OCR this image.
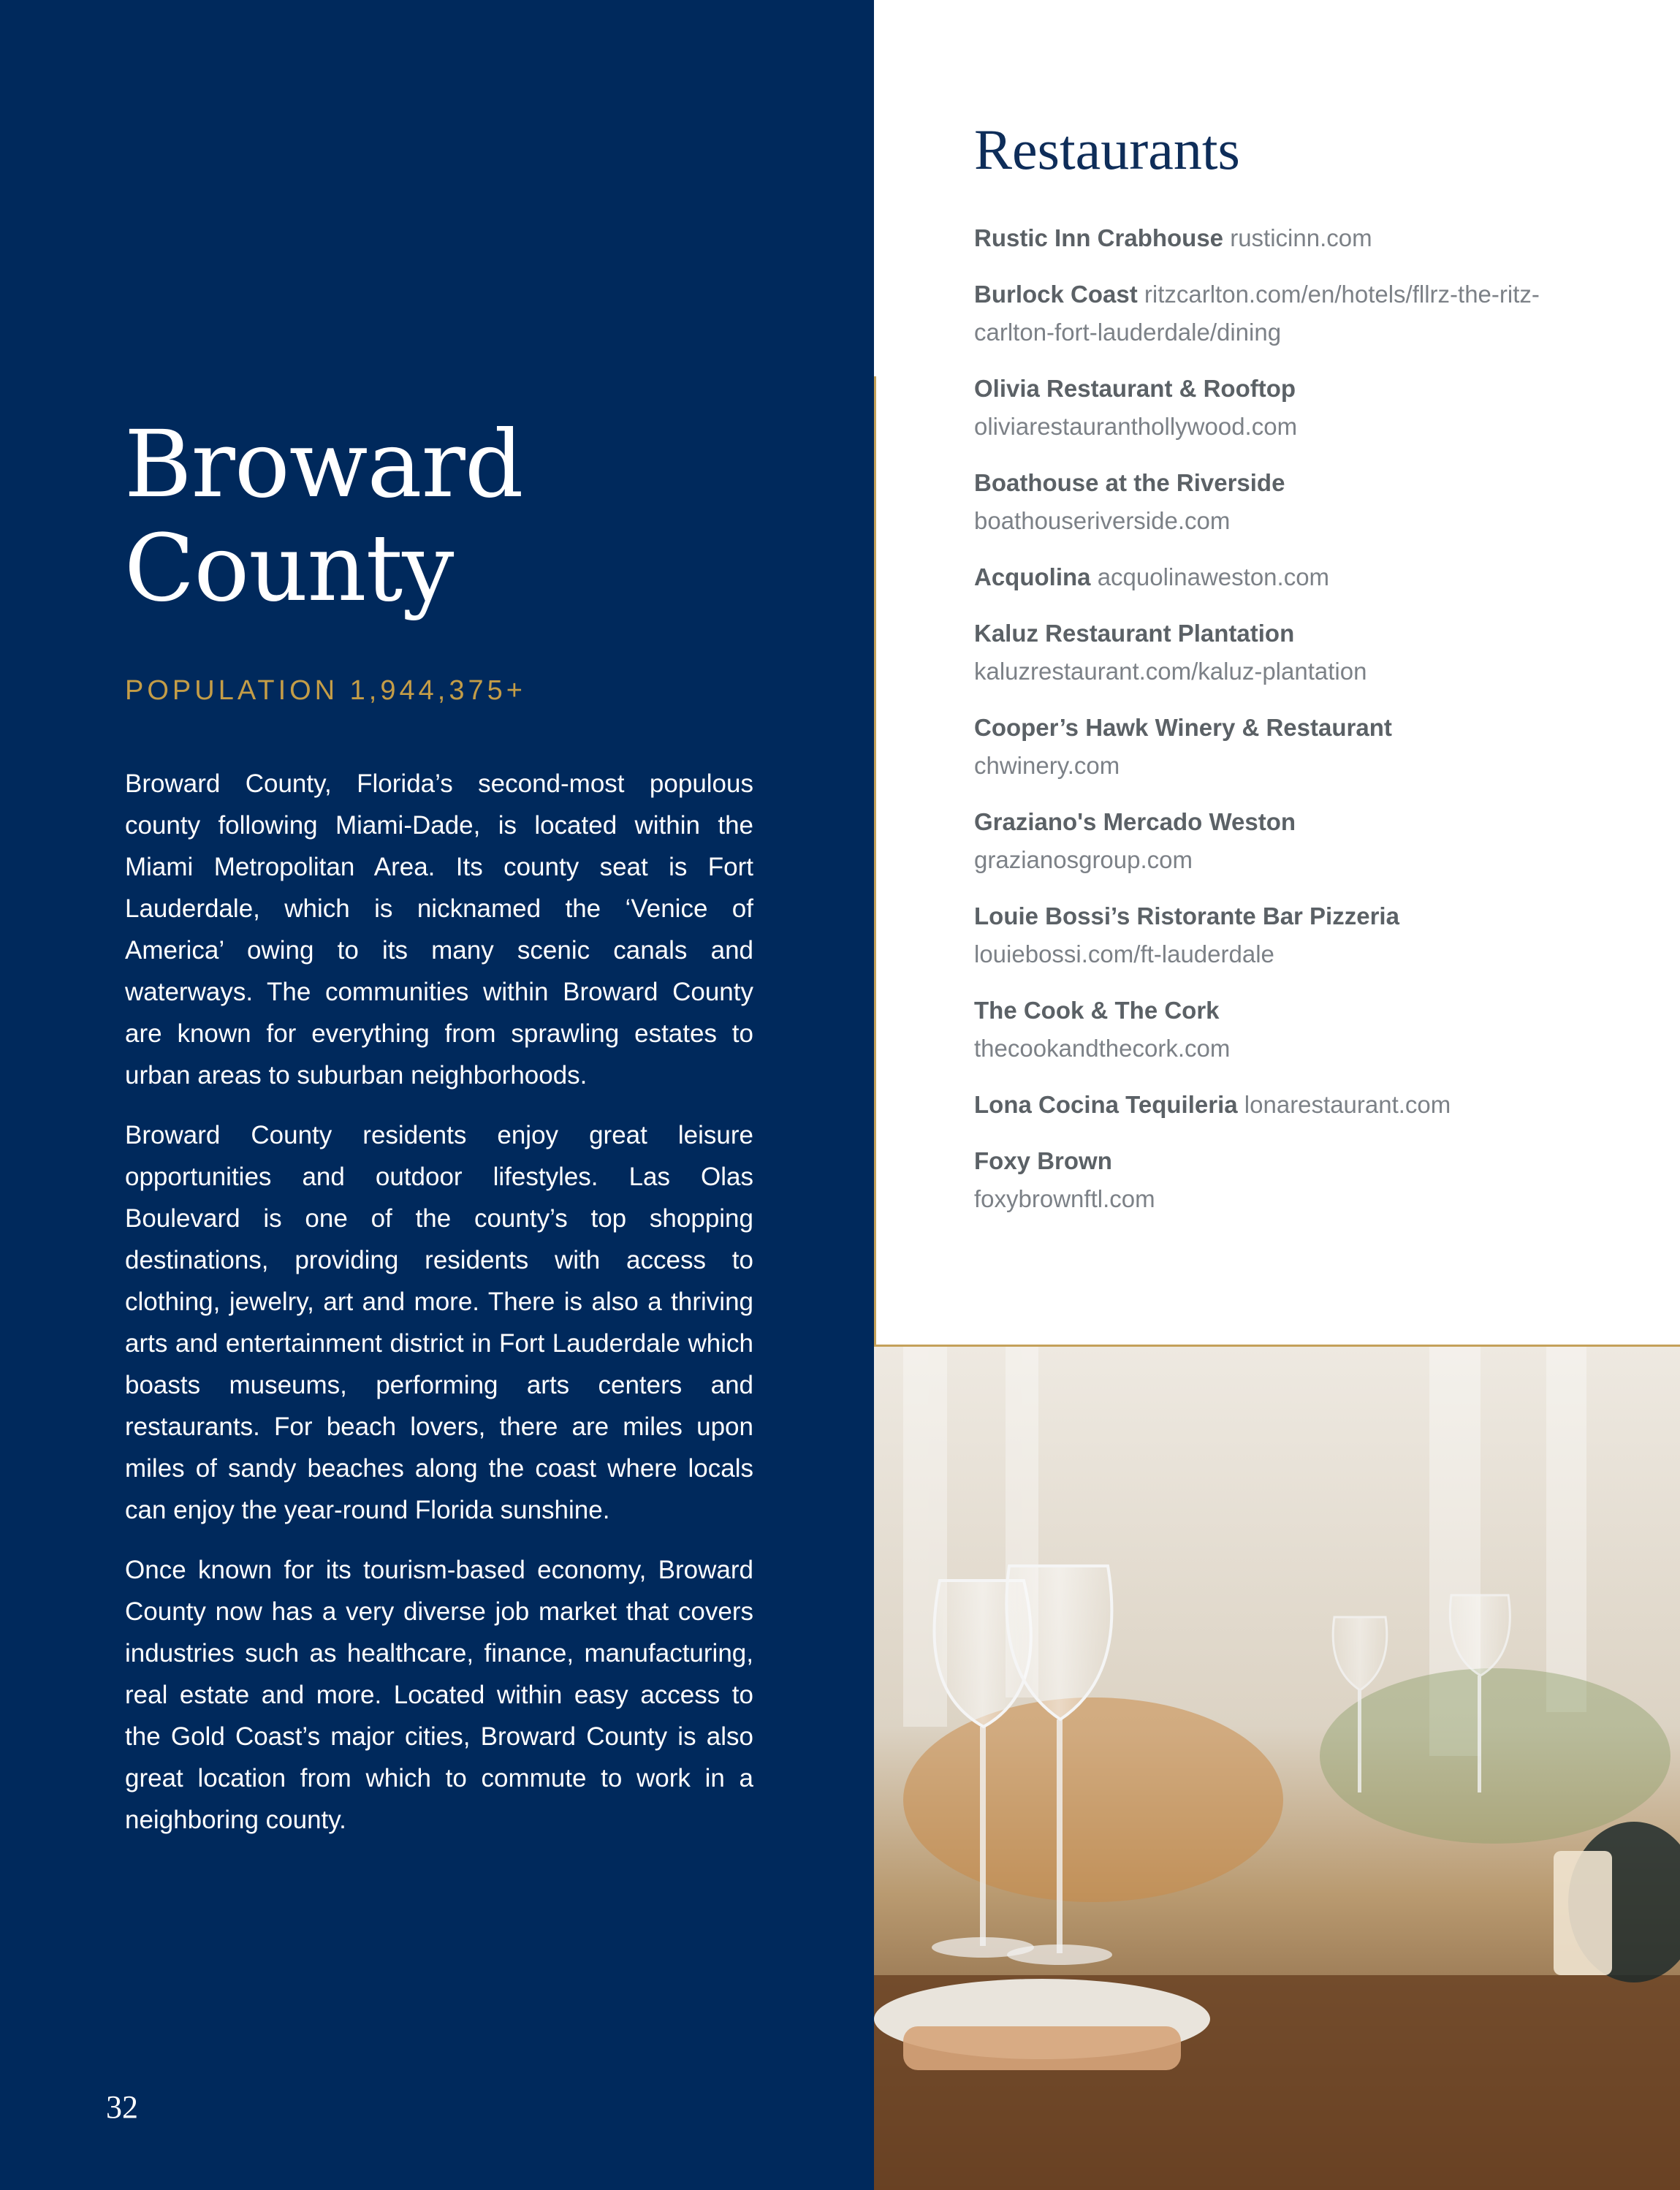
Broward
County
POPULATION 1,944,375+

Broward County, Florida’s second-most populous county following Miami-Dade, is located within the Miami Metropolitan Area. Its county seat is Fort Lauderdale, which is nicknamed the ‘Venice of America’ owing to its many scenic canals and waterways. The communities within Broward County are known for everything from sprawling estates to urban areas to suburban neighborhoods.

Broward County residents enjoy great leisure opportunities and outdoor lifestyles. Las Olas Boulevard is one of the county’s top shopping destinations, providing residents with access to clothing, jewelry, art and more. There is also a thriving arts and entertainment district in Fort Lauderdale which boasts museums, performing arts centers and restaurants. For beach lovers, there are miles upon miles of sandy beaches along the coast where locals can enjoy the year-round Florida sunshine.

Once known for its tourism-based economy, Broward County now has a very diverse job market that covers industries such as healthcare, finance, manufacturing, real estate and more. Located within easy access to the Gold Coast’s major cities, Broward County is also great location from which to commute to work in a neighboring county.

32
Restaurants
Rustic Inn Crabhouse rusticinn.com
Burlock Coast ritzcarlton.com/en/hotels/fllrz-the-ritz-carlton-fort-lauderdale/dining
Olivia Restaurant & Rooftop
oliviarestauranthollywood.com
Boathouse at the Riverside
boathouseriverside.com
Acquolina acquolinaweston.com
Kaluz Restaurant Plantation
kaluzrestaurant.com/kaluz-plantation
Cooper’s Hawk Winery & Restaurant
chwinery.com
Graziano's Mercado Weston
grazianosgroup.com
Louie Bossi’s Ristorante Bar Pizzeria
louiebossi.com/ft-lauderdale
The Cook & The Cork
thecookandthecork.com
Lona Cocina Tequileria lonarestaurant.com
Foxy Brown
foxybrownftl.com
